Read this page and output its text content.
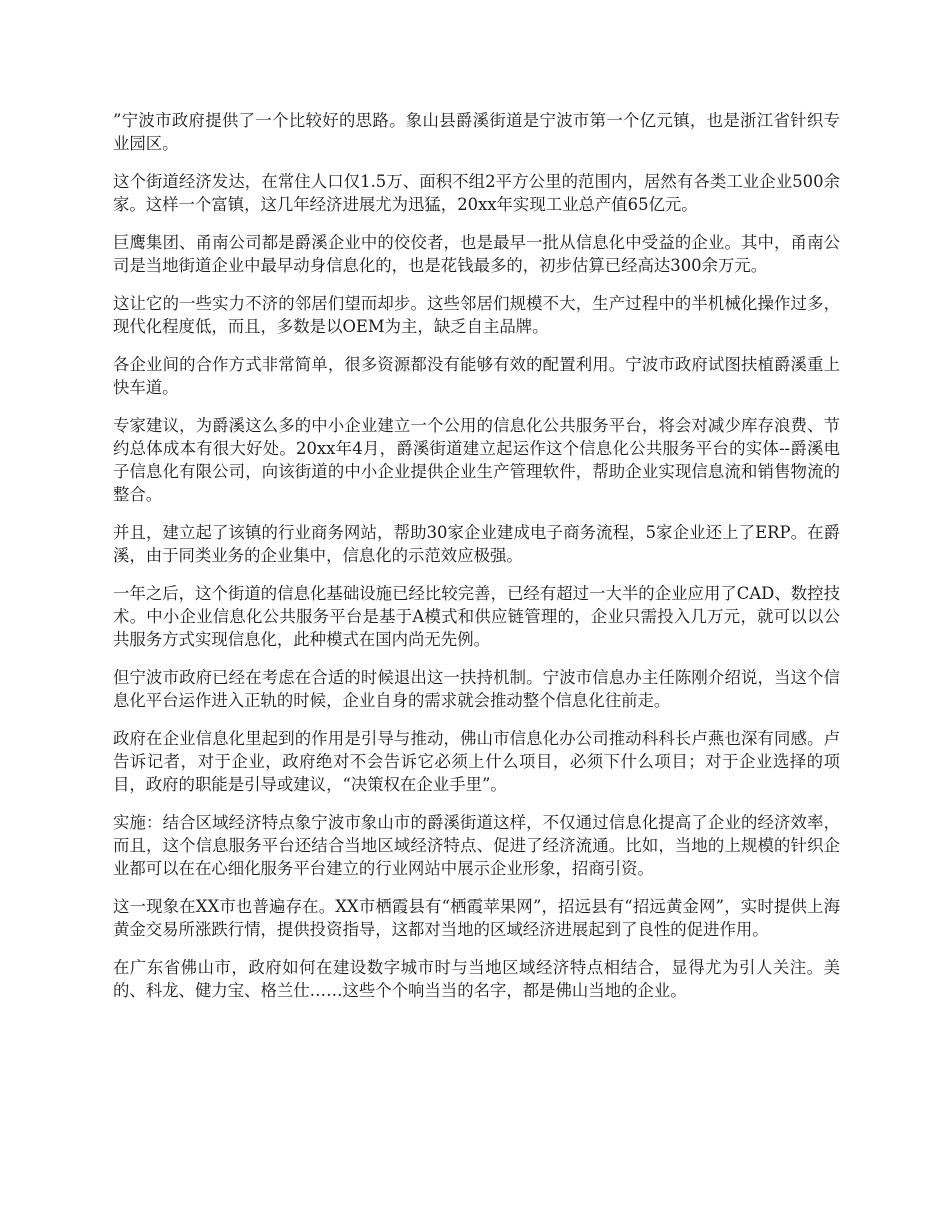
”宁波市政府提供了一个比较好的思路。象山县爵溪街道是宁波市第一个亿元镇，也是浙江省针织专业园区。

这个街道经济发达，在常住人口仅1.5万、面积不组2平方公里的范围内，居然有各类工业企业500余家。这样一个富镇，这几年经济进展尤为迅猛，20xx年实现工业总产值65亿元。

巨鹰集团、甬南公司都是爵溪企业中的佼佼者，也是最早一批从信息化中受益的企业。其中，甬南公司是当地街道企业中最早动身信息化的，也是花钱最多的，初步估算已经高达300余万元。

这让它的一些实力不济的邻居们望而却步。这些邻居们规模不大，生产过程中的半机械化操作过多，现代化程度低，而且，多数是以OEM为主，缺乏自主品牌。

各企业间的合作方式非常简单，很多资源都没有能够有效的配置利用。宁波市政府试图扶植爵溪重上快车道。

专家建议，为爵溪这么多的中小企业建立一个公用的信息化公共服务平台，将会对减少库存浪费、节约总体成本有很大好处。20xx年4月，爵溪街道建立起运作这个信息化公共服务平台的实体--爵溪电子信息化有限公司，向该街道的中小企业提供企业生产管理软件，帮助企业实现信息流和销售物流的整合。

并且，建立起了该镇的行业商务网站，帮助30家企业建成电子商务流程，5家企业还上了ERP。在爵溪，由于同类业务的企业集中，信息化的示范效应极强。

一年之后，这个街道的信息化基础设施已经比较完善，已经有超过一大半的企业应用了CAD、数控技术。中小企业信息化公共服务平台是基于A模式和供应链管理的，企业只需投入几万元，就可以以公共服务方式实现信息化，此种模式在国内尚无先例。

但宁波市政府已经在考虑在合适的时候退出这一扶持机制。宁波市信息办主任陈刚介绍说，当这个信息化平台运作进入正轨的时候，企业自身的需求就会推动整个信息化往前走。

政府在企业信息化里起到的作用是引导与推动，佛山市信息化办公司推动科科长卢燕也深有同感。卢告诉记者，对于企业，政府绝对不会告诉它必须上什么项目，必须下什么项目；对于企业选择的项目，政府的职能是引导或建议，“决策权在企业手里”。

实施：结合区域经济特点象宁波市象山市的爵溪街道这样，不仅通过信息化提高了企业的经济效率，而且，这个信息服务平台还结合当地区域经济特点、促进了经济流通。比如，当地的上规模的针织企业都可以在在心细化服务平台建立的行业网站中展示企业形象，招商引资。

这一现象在XX市也普遍存在。XX市栖霞县有“栖霞苹果网”，招远县有“招远黄金网”，实时提供上海黄金交易所涨跌行情，提供投资指导，这都对当地的区域经济进展起到了良性的促进作用。

在广东省佛山市，政府如何在建设数字城市时与当地区域经济特点相结合，显得尤为引人关注。美的、科龙、健力宝、格兰仕……这些个个响当当的名字，都是佛山当地的企业。
